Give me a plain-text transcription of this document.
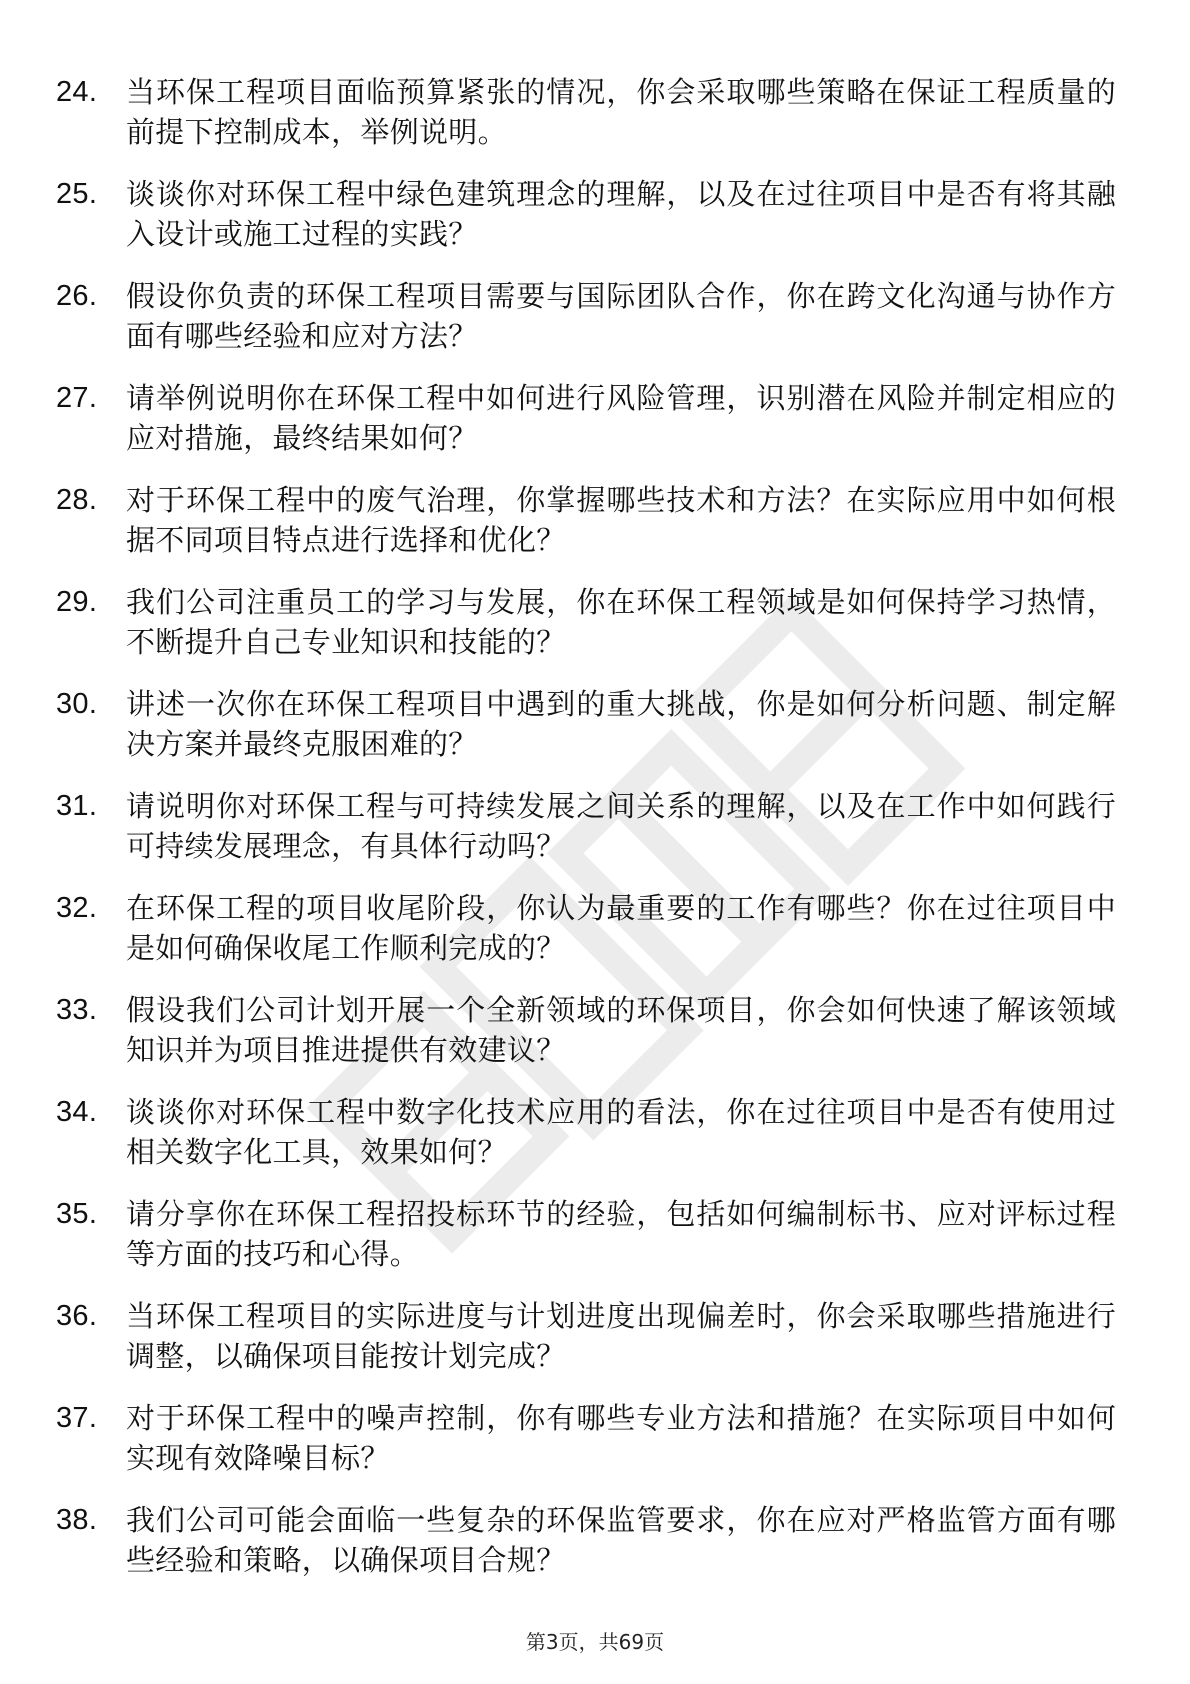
24. 当环保工程项目面临预算紧张的情况，你会采取哪些策略在保证工程质量的前提下控制成本，举例说明。
25. 谈谈你对环保工程中绿色建筑理念的理解，以及在过往项目中是否有将其融入设计或施工过程的实践？
26. 假设你负责的环保工程项目需要与国际团队合作，你在跨文化沟通与协作方面有哪些经验和应对方法？
27. 请举例说明你在环保工程中如何进行风险管理，识别潜在风险并制定相应的应对措施，最终结果如何？
28. 对于环保工程中的废气治理，你掌握哪些技术和方法？在实际应用中如何根据不同项目特点进行选择和优化？
29. 我们公司注重员工的学习与发展，你在环保工程领域是如何保持学习热情，不断提升自己专业知识和技能的？
30. 讲述一次你在环保工程项目中遇到的重大挑战，你是如何分析问题、制定解决方案并最终克服困难的？
31. 请说明你对环保工程与可持续发展之间关系的理解，以及在工作中如何践行可持续发展理念，有具体行动吗？
32. 在环保工程的项目收尾阶段，你认为最重要的工作有哪些？你在过往项目中是如何确保收尾工作顺利完成的？
33. 假设我们公司计划开展一个全新领域的环保项目，你会如何快速了解该领域知识并为项目推进提供有效建议？
34. 谈谈你对环保工程中数字化技术应用的看法，你在过往项目中是否有使用过相关数字化工具，效果如何？
35. 请分享你在环保工程招投标环节的经验，包括如何编制标书、应对评标过程等方面的技巧和心得。
36. 当环保工程项目的实际进度与计划进度出现偏差时，你会采取哪些措施进行调整，以确保项目能按计划完成？
37. 对于环保工程中的噪声控制，你有哪些专业方法和措施？在实际项目中如何实现有效降噪目标？
38. 我们公司可能会面临一些复杂的环保监管要求，你在应对严格监管方面有哪些经验和策略，以确保项目合规？
第3页，共69页
